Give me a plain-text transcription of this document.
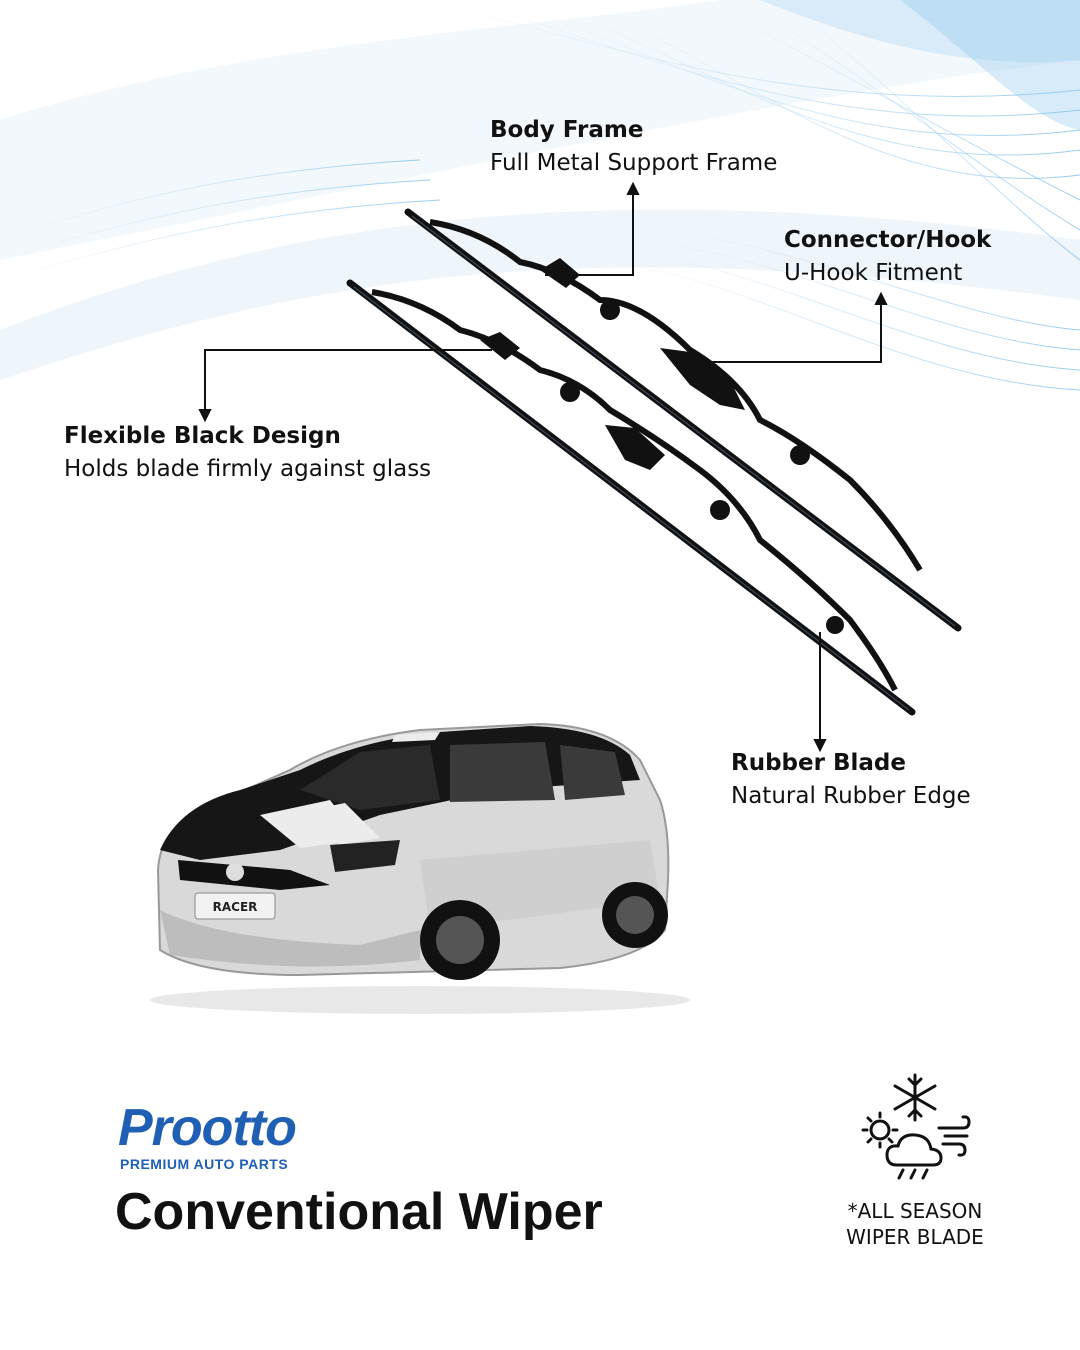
RACER
Body Frame
Full Metal Support Frame
Connector/Hook
U-Hook Fitment
Flexible Black Design
Holds blade firmly against glass
Rubber Blade
Natural Rubber Edge
Prootto
PREMIUM AUTO PARTS
Conventional Wiper	*ALL SEASON
WIPER BLADE
